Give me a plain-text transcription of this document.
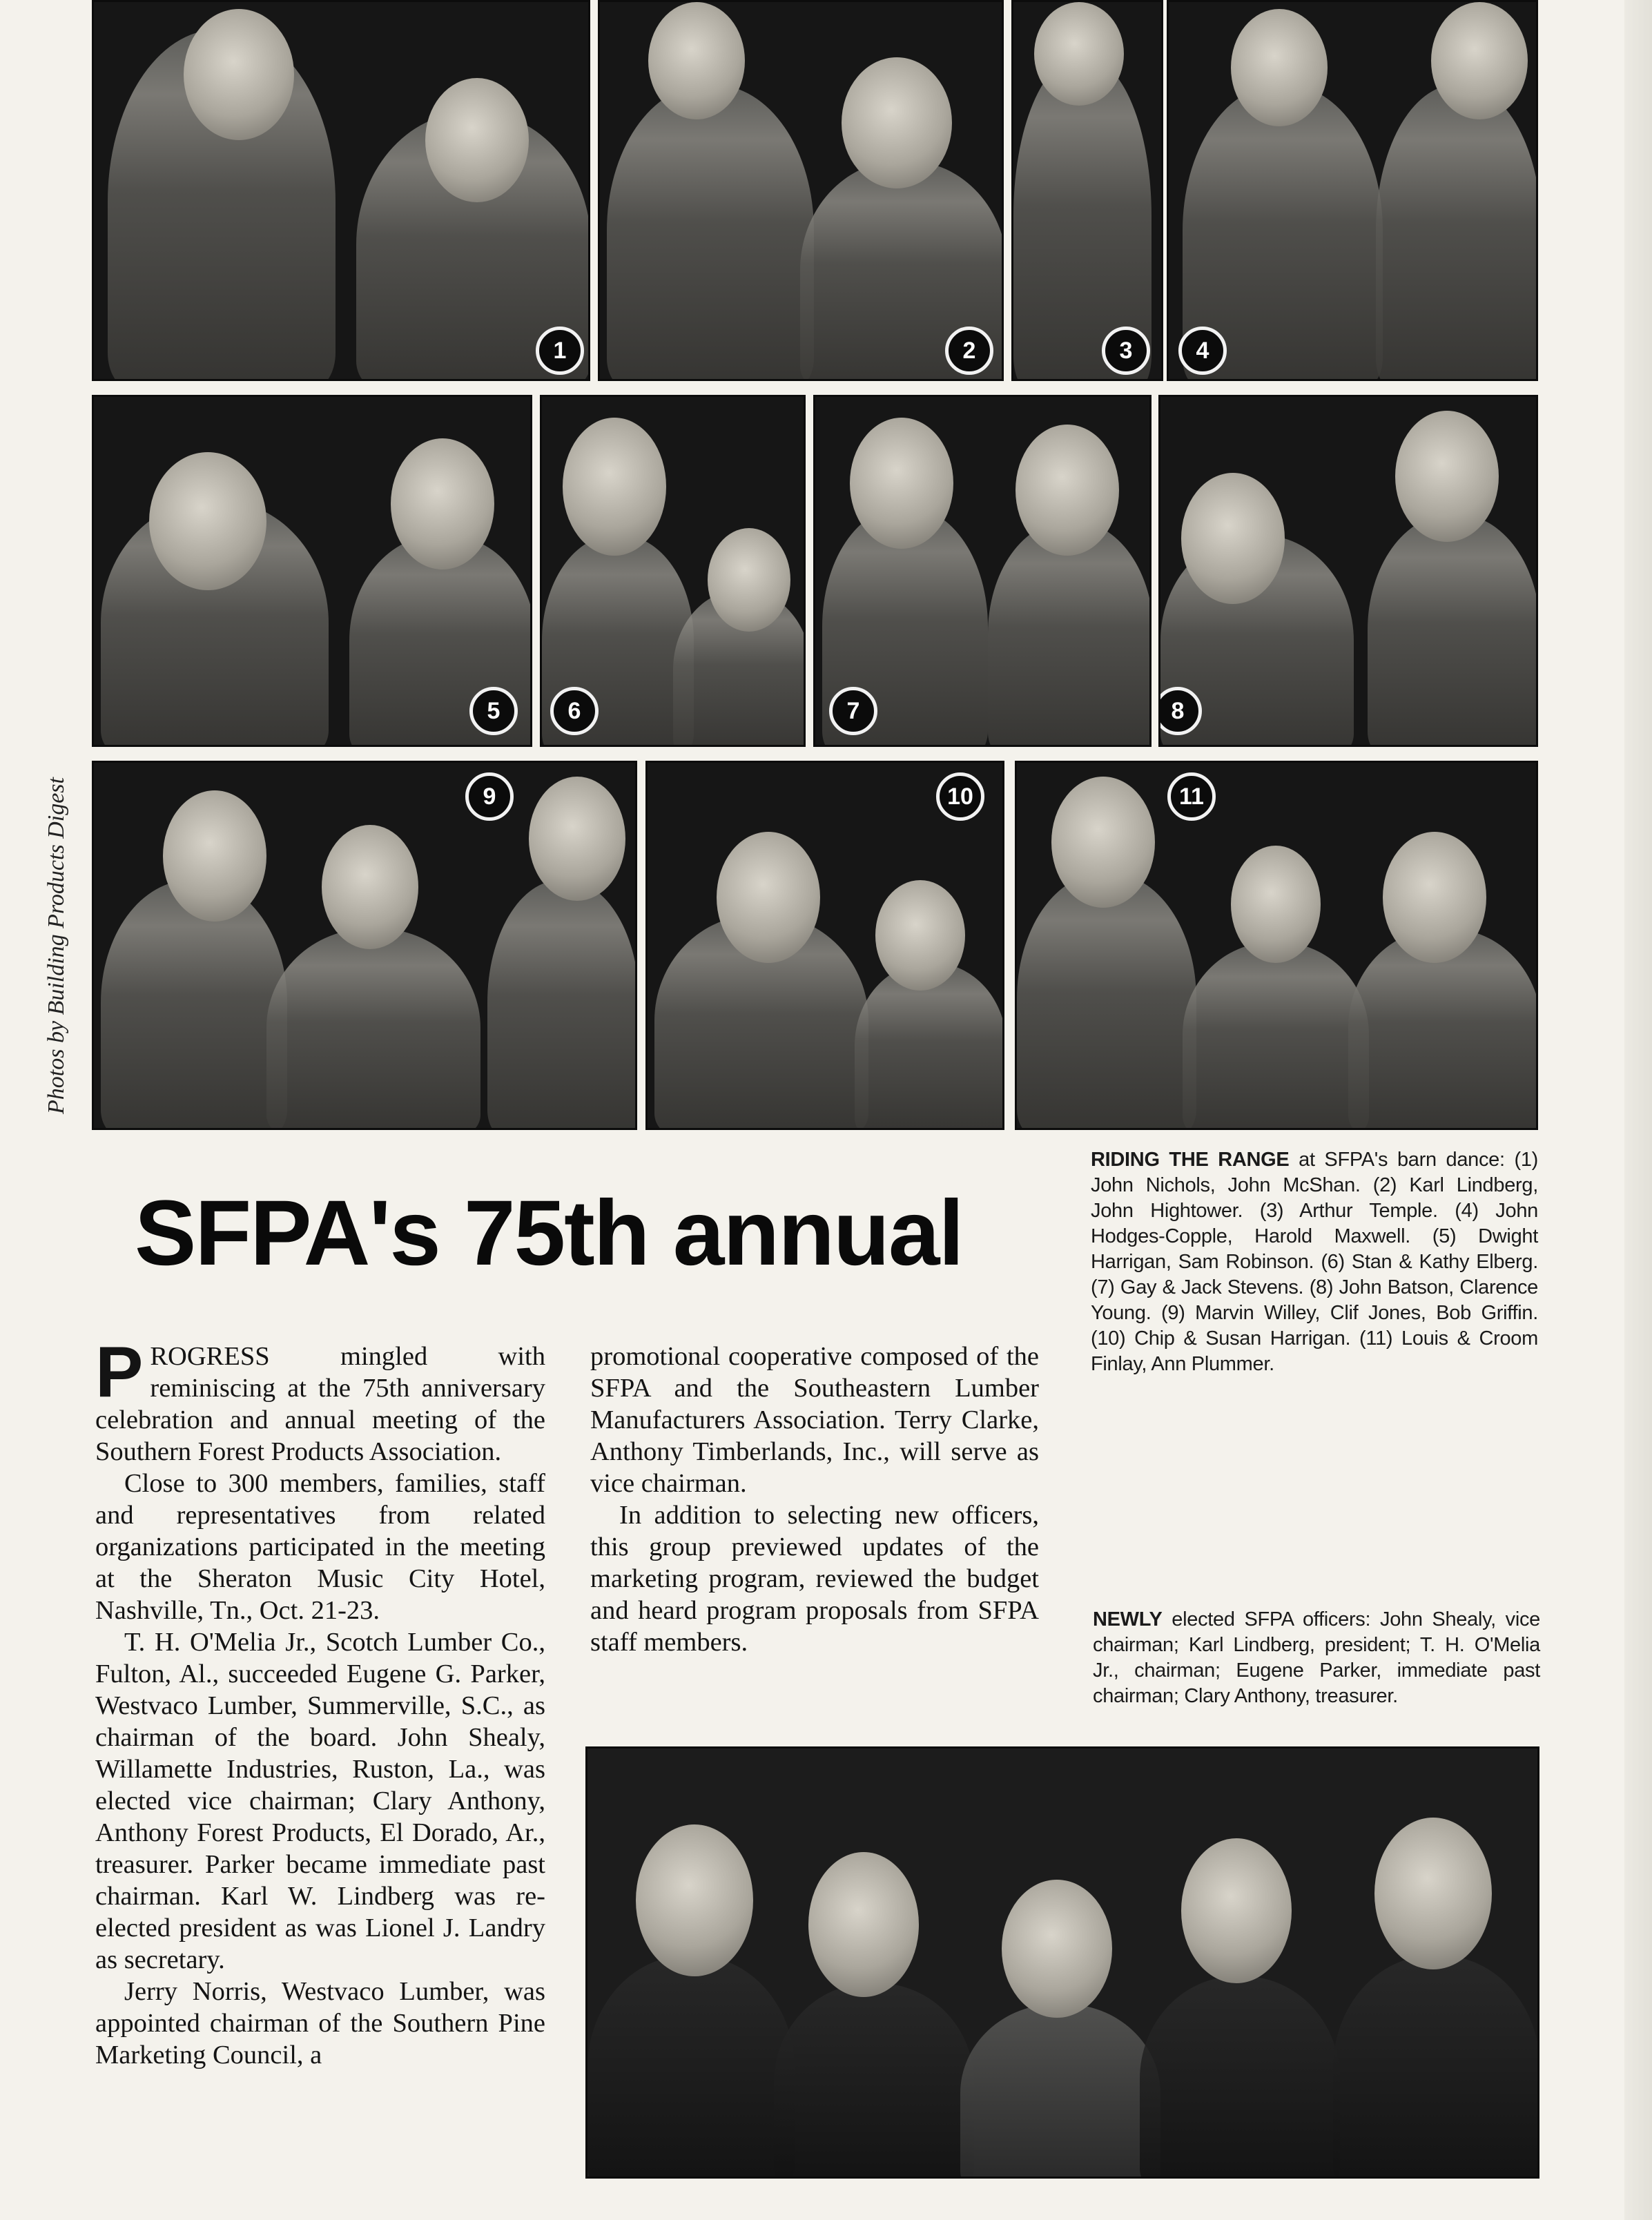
1	2	3	4
5	6	7	8
9	10	11
Photos by Building Products Digest
SFPA's 75th annual

PROGRESS mingled with reminiscing at the 75th anniversary celebration and annual meeting of the Southern Forest Products Association.

Close to 300 members, families, staff and representatives from related organizations participated in the meeting at the Sheraton Music City Hotel, Nashville, Tn., Oct. 21-23.

T. H. O'Melia Jr., Scotch Lumber Co., Fulton, Al., succeeded Eugene G. Parker, Westvaco Lumber, Summerville, S.C., as chairman of the board. John Shealy, Willamette Industries, Ruston, La., was elected vice chairman; Clary Anthony, Anthony Forest Products, El Dorado, Ar., treasurer. Parker became immediate past chairman. Karl W. Lindberg was re-elected president as was Lionel J. Landry as secretary.

Jerry Norris, Westvaco Lumber, was appointed chairman of the Southern Pine Marketing Council, a

promotional cooperative composed of the SFPA and the Southeastern Lumber Manufacturers Association. Terry Clarke, Anthony Timberlands, Inc., will serve as vice chairman.

In addition to selecting new officers, this group previewed updates of the marketing program, reviewed the budget and heard program proposals from SFPA staff members.

RIDING THE RANGE at SFPA's barn dance: (1) John Nichols, John McShan. (2) Karl Lindberg, John Hightower. (3) Arthur Temple. (4) John Hodges-Copple, Harold Maxwell. (5) Dwight Harrigan, Sam Robinson. (6) Stan & Kathy Elberg. (7) Gay & Jack Stevens. (8) John Batson, Clarence Young. (9) Marvin Willey, Clif Jones, Bob Griffin. (10) Chip & Susan Harrigan. (11) Louis & Croom Finlay, Ann Plummer.
NEWLY elected SFPA officers: John Shealy, vice chairman; Karl Lindberg, president; T. H. O'Melia Jr., chairman; Eugene Parker, immediate past chairman; Clary Anthony, treasurer.
